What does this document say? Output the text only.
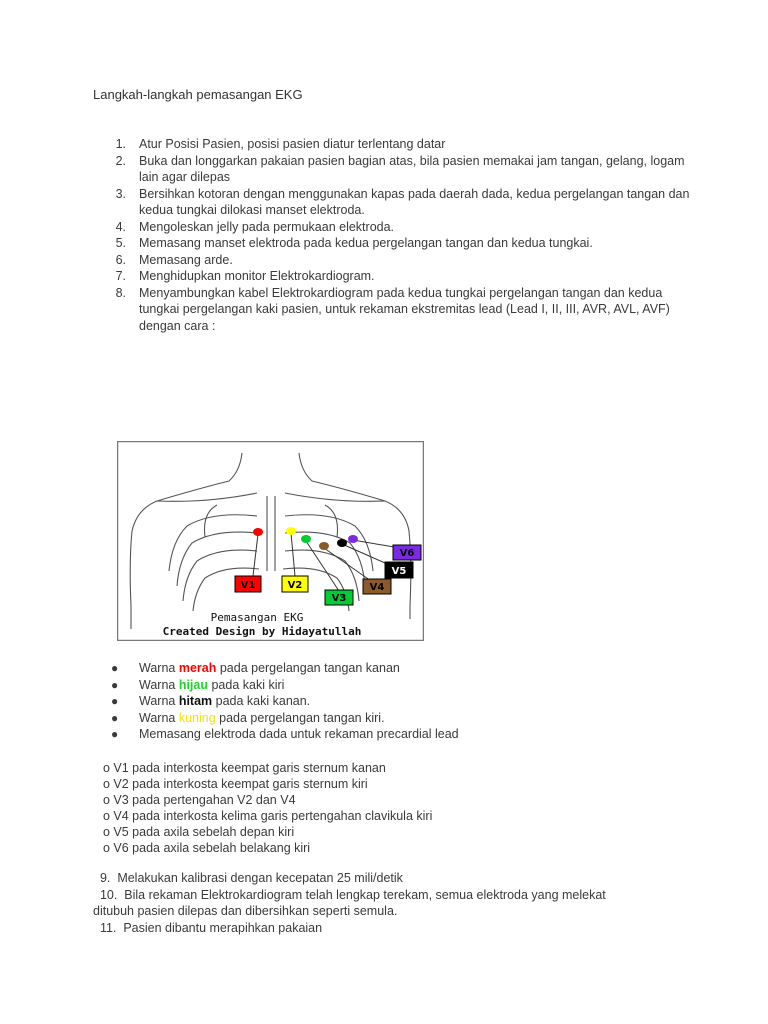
Langkah-langkah pemasangan EKG
1. Atur Posisi Pasien, posisi pasien diatur terlentang datar
2. Buka dan longgarkan pakaian pasien bagian atas, bila pasien memakai jam tangan, gelang, logam lain agar dilepas
3. Bersihkan kotoran dengan menggunakan kapas pada daerah dada, kedua pergelangan tangan dan kedua tungkai dilokasi manset elektroda.
4. Mengoleskan jelly pada permukaan elektroda.
5. Memasang manset elektroda pada kedua pergelangan tangan dan kedua tungkai.
6. Memasang arde.
7. Menghidupkan monitor Elektrokardiogram.
8. Menyambungkan kabel Elektrokardiogram pada kedua tungkai pergelangan tangan dan kedua tungkai pergelangan kaki pasien, untuk rekaman ekstremitas lead (Lead I, II, III, AVR, AVL, AVF) dengan cara :
V1	V2
V3
V4
V5
V6
Pemasangan EKG
Created Design by Hidayatullah
● Warna merah pada pergelangan tangan kanan
● Warna hijau pada kaki kiri
● Warna hitam pada kaki kanan.
● Warna kuning pada pergelangan tangan kiri.
● Memasang elektroda dada untuk rekaman precardial lead
o V1 pada interkosta keempat garis sternum kanan
o V2 pada interkosta keempat garis sternum kiri
o V3 pada pertengahan V2 dan V4
o V4 pada interkosta kelima garis pertengahan clavikula kiri
o V5 pada axila sebelah depan kiri
o V6 pada axila sebelah belakang kiri
9.  Melakukan kalibrasi dengan kecepatan 25 mili/detik
10.  Bila rekaman Elektrokardiogram telah lengkap terekam, semua elektroda yang melekat
ditubuh pasien dilepas dan dibersihkan seperti semula.
11.  Pasien dibantu merapihkan pakaian
